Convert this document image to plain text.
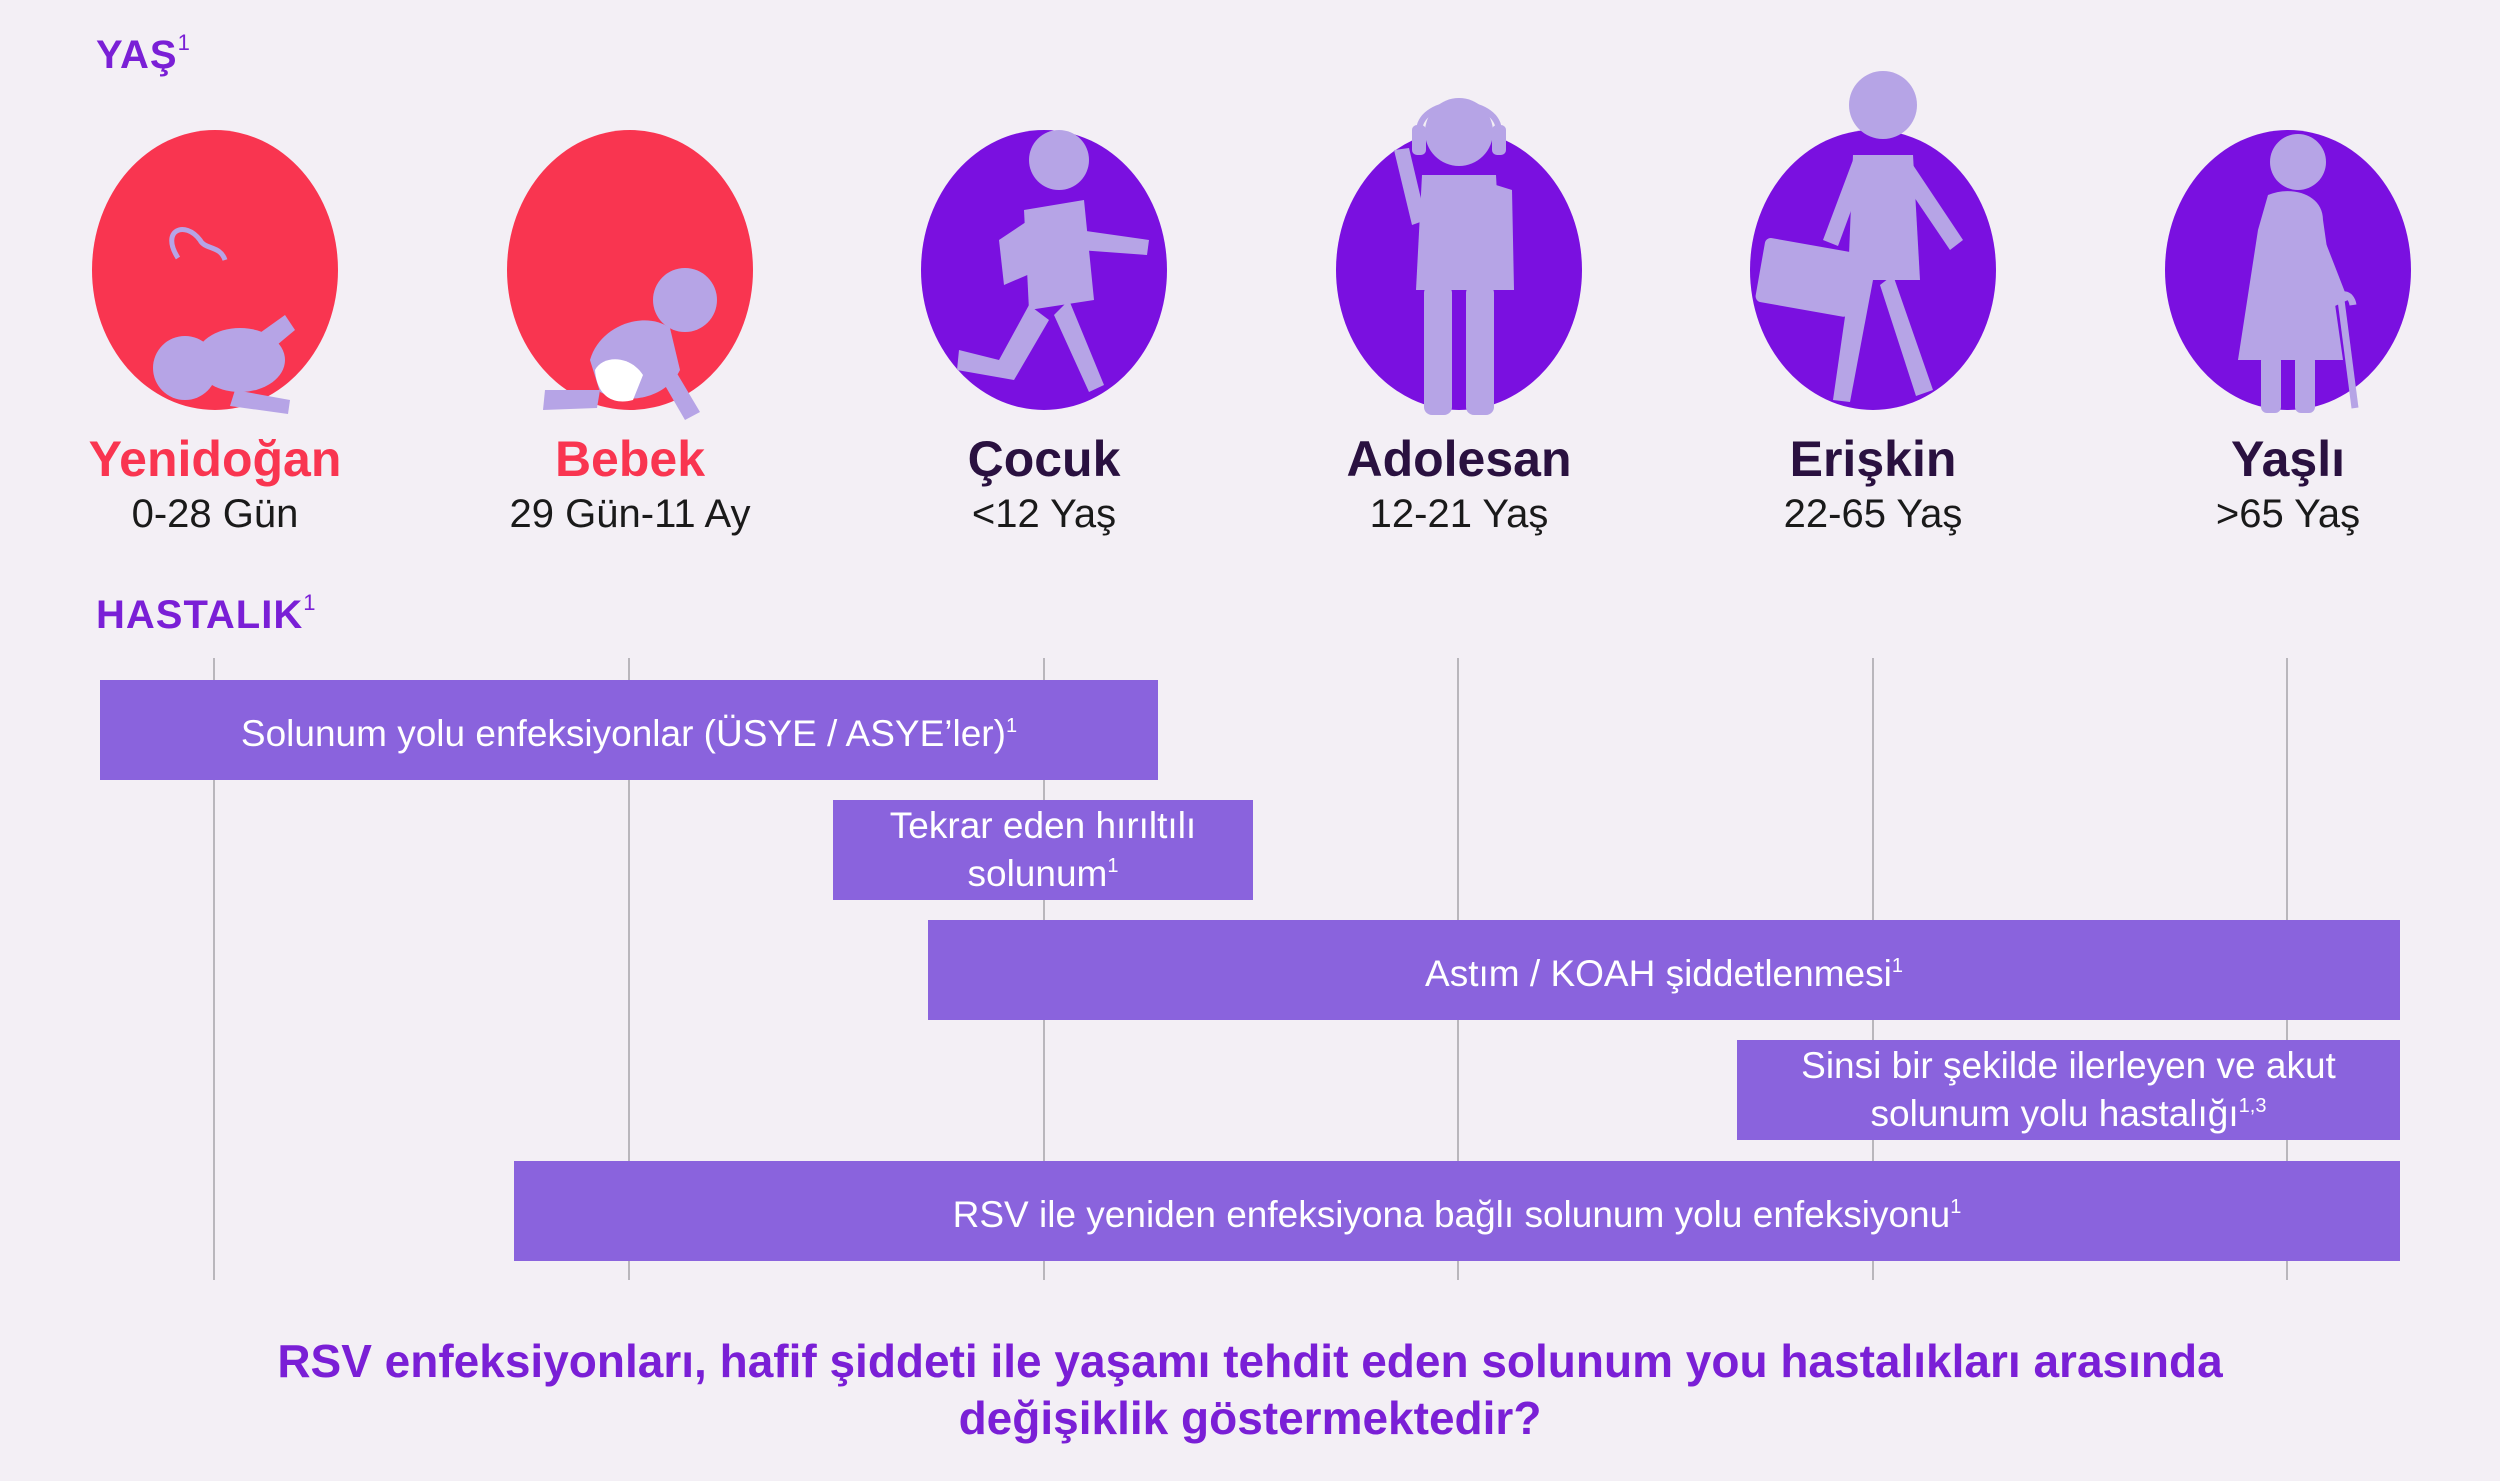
YAŞ$^1$
HASTALIK$^1$
Yenidoğan
0-28 Gün
Bebek
29 Gün-11 Ay
Çocuk
<12 Yaş
Adolesan
12-21 Yaş
Erişkin
22-65 Yaş
Yaşlı
>65 Yaş
Solunum yolu enfeksiyonlar (ÜSYE / ASYE’ler)$^1$
Tekrar eden hırıltılı
solunum$^1$
Astım / KOAH şiddetlenmesi$^1$
Sinsi bir şekilde ilerleyen ve akut
solunum yolu hastalığı$^{1,3}$
RSV ile yeniden enfeksiyona bağlı solunum yolu enfeksiyonu$^1$
RSV enfeksiyonları, hafif şiddeti ile yaşamı tehdit eden solunum you hastalıkları arasında
değişiklik göstermektedir?
